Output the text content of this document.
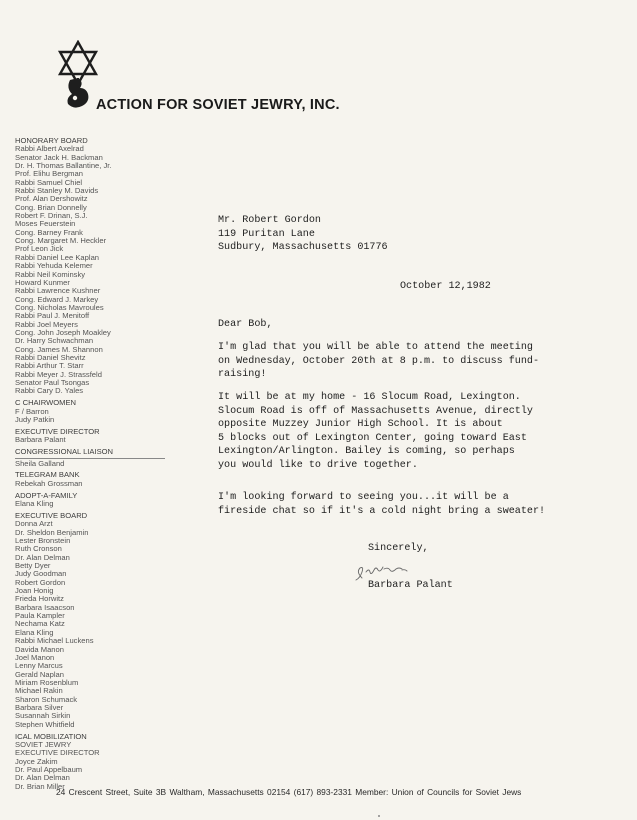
ACTION FOR SOVIET JEWRY, INC.
HONORARY BOARD
Rabbi Albert Axelrad
Senator Jack H. Backman
Dr. H. Thomas Ballantine, Jr.
Prof. Elihu Bergman
Rabbi Samuel Chiel
Rabbi Stanley M. Davids
Prof. Alan Dershowitz
Cong. Brian Donnelly
Robert F. Drinan, S.J.
Moses Feuerstein
Cong. Barney Frank
Cong. Margaret M. Heckler
Prof Leon Jick
Rabbi Daniel Lee Kaplan
Rabbi Yehuda Kelemer
Rabbi Neil Kominsky
Howard Kunmer
Rabbi Lawrence Kushner
Cong. Edward J. Markey
Cong. Nicholas Mavroules
Rabbi Paul J. Menitoff
Rabbi Joel Meyers
Cong. John Joseph Moakley
Dr. Harry Schwachman
Cong. James M. Shannon
Rabbi Daniel Shevitz
Rabbi Arthur T. Starr
Rabbi Meyer J. Strassfeld
Senator Paul Tsongas
Rabbi Cary D. Yales
C CHAIRWOMEN
F / Barron
Judy Patkin
EXECUTIVE DIRECTOR
Barbara Palant
CONGRESSIONAL LIAISON
Sheila Galland
TELEGRAM BANK
Rebekah Grossman
ADOPT-A-FAMILY
Elana Kling
EXECUTIVE BOARD
Donna Arzt
Dr. Sheldon Benjamin
Lester Bronstein
Ruth Cronson
Dr. Alan Delman
Betty Dyer
Judy Goodman
Robert Gordon
Joan Honig
Frieda Horwitz
Barbara Isaacson
Paula Kampler
Nechama Katz
Elana Kling
Rabbi Michael Luckens
Davida Manon
Joel Manon
Lenny Marcus
Gerald Naplan
Miriam Rosenblum
Michael Rakin
Sharon Schumack
Barbara Silver
Susannah Sirkin
Stephen Whitfield
ICAL MOBILIZATION
SOVIET JEWRY
EXECUTIVE DIRECTOR
Joyce Zakim
Dr. Paul Appelbaum
Dr. Alan Delman
Dr. Brian Miller
Mr. Robert Gordon
119 Puritan Lane
Sudbury, Massachusetts 01776
October 12,1982
Dear Bob,
I'm glad that you will be able to attend the meeting
on Wednesday, October 20th at 8 p.m. to discuss fund-
raising!
It will be at my home - 16 Slocum Road, Lexington.
Slocum Road is off of Massachusetts Avenue, directly
opposite Muzzey Junior High School. It is about
5 blocks out of Lexington Center, going toward East
Lexington/Arlington. Bailey is coming, so perhaps
you would like to drive together.
I'm looking forward to seeing you...it will be a
fireside chat so if it's a cold night bring a sweater!
Sincerely,
Barbara Palant

24 Crescent Street, Suite 3B Waltham, Massachusetts 02154 (617) 893-2331 Member: Union of Councils for Soviet Jews
